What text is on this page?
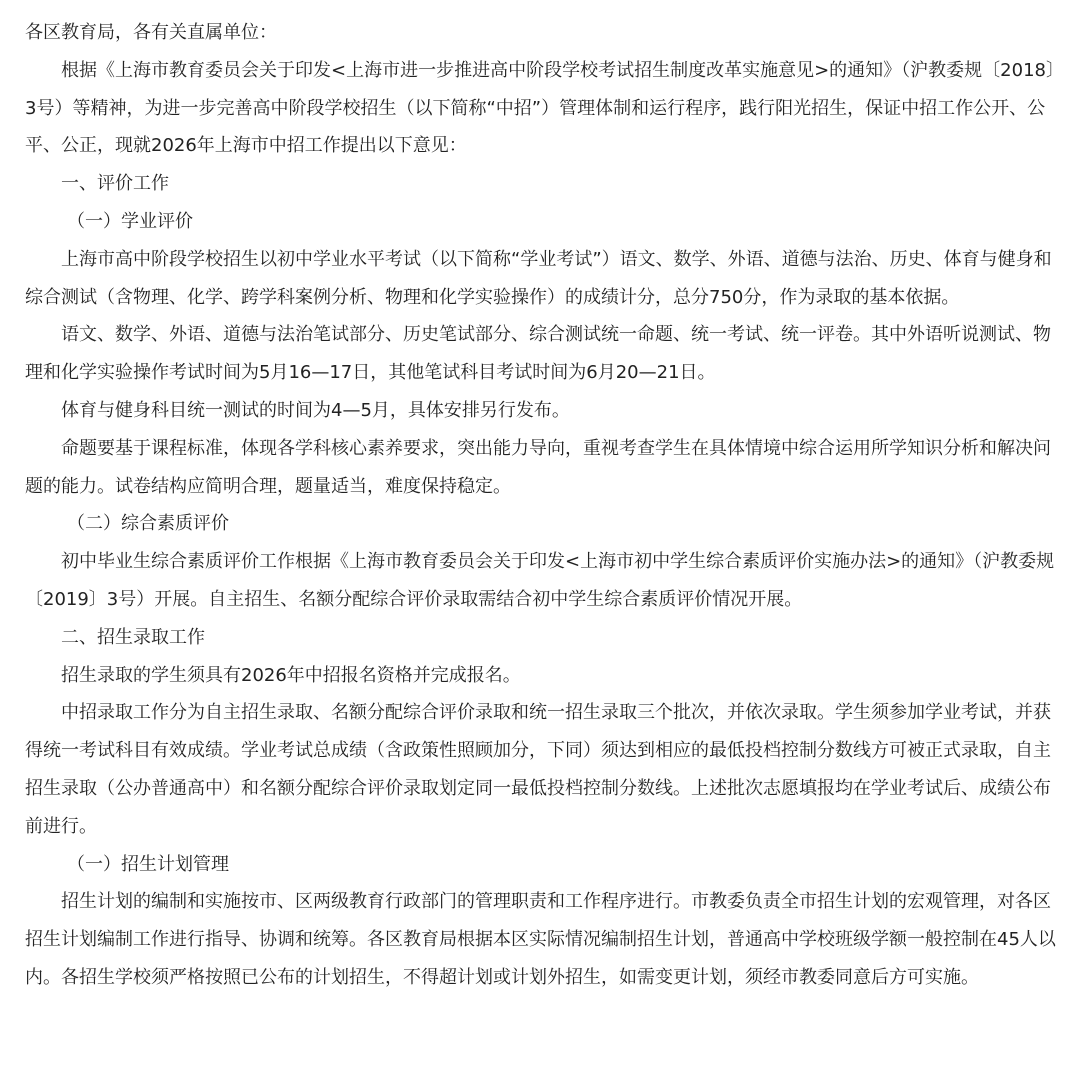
各区教育局，各有关直属单位：

根据《上海市教育委员会关于印发<上海市进一步推进高中阶段学校考试招生制度改革实施意见>的通知》（沪教委规〔2018〕3号）等精神，为进一步完善高中阶段学校招生（以下简称“中招”）管理体制和运行程序，践行阳光招生，保证中招工作公开、公平、公正，现就2026年上海市中招工作提出以下意见：

一、评价工作

（一）学业评价

上海市高中阶段学校招生以初中学业水平考试（以下简称“学业考试”）语文、数学、外语、道德与法治、历史、体育与健身和综合测试（含物理、化学、跨学科案例分析、物理和化学实验操作）的成绩计分，总分750分，作为录取的基本依据。

语文、数学、外语、道德与法治笔试部分、历史笔试部分、综合测试统一命题、统一考试、统一评卷。其中外语听说测试、物理和化学实验操作考试时间为5月16—17日，其他笔试科目考试时间为6月20—21日。

体育与健身科目统一测试的时间为4—5月，具体安排另行发布。

命题要基于课程标准，体现各学科核心素养要求，突出能力导向，重视考查学生在具体情境中综合运用所学知识分析和解决问题的能力。试卷结构应简明合理，题量适当，难度保持稳定。

（二）综合素质评价

初中毕业生综合素质评价工作根据《上海市教育委员会关于印发<上海市初中学生综合素质评价实施办法>的通知》（沪教委规〔2019〕3号）开展。自主招生、名额分配综合评价录取需结合初中学生综合素质评价情况开展。

二、招生录取工作

招生录取的学生须具有2026年中招报名资格并完成报名。

中招录取工作分为自主招生录取、名额分配综合评价录取和统一招生录取三个批次，并依次录取。学生须参加学业考试，并获得统一考试科目有效成绩。学业考试总成绩（含政策性照顾加分，下同）须达到相应的最低投档控制分数线方可被正式录取，自主招生录取（公办普通高中）和名额分配综合评价录取划定同一最低投档控制分数线。上述批次志愿填报均在学业考试后、成绩公布前进行。

（一）招生计划管理

招生计划的编制和实施按市、区两级教育行政部门的管理职责和工作程序进行。市教委负责全市招生计划的宏观管理，对各区招生计划编制工作进行指导、协调和统筹。各区教育局根据本区实际情况编制招生计划，普通高中学校班级学额一般控制在45人以内。各招生学校须严格按照已公布的计划招生，不得超计划或计划外招生，如需变更计划，须经市教委同意后方可实施。
